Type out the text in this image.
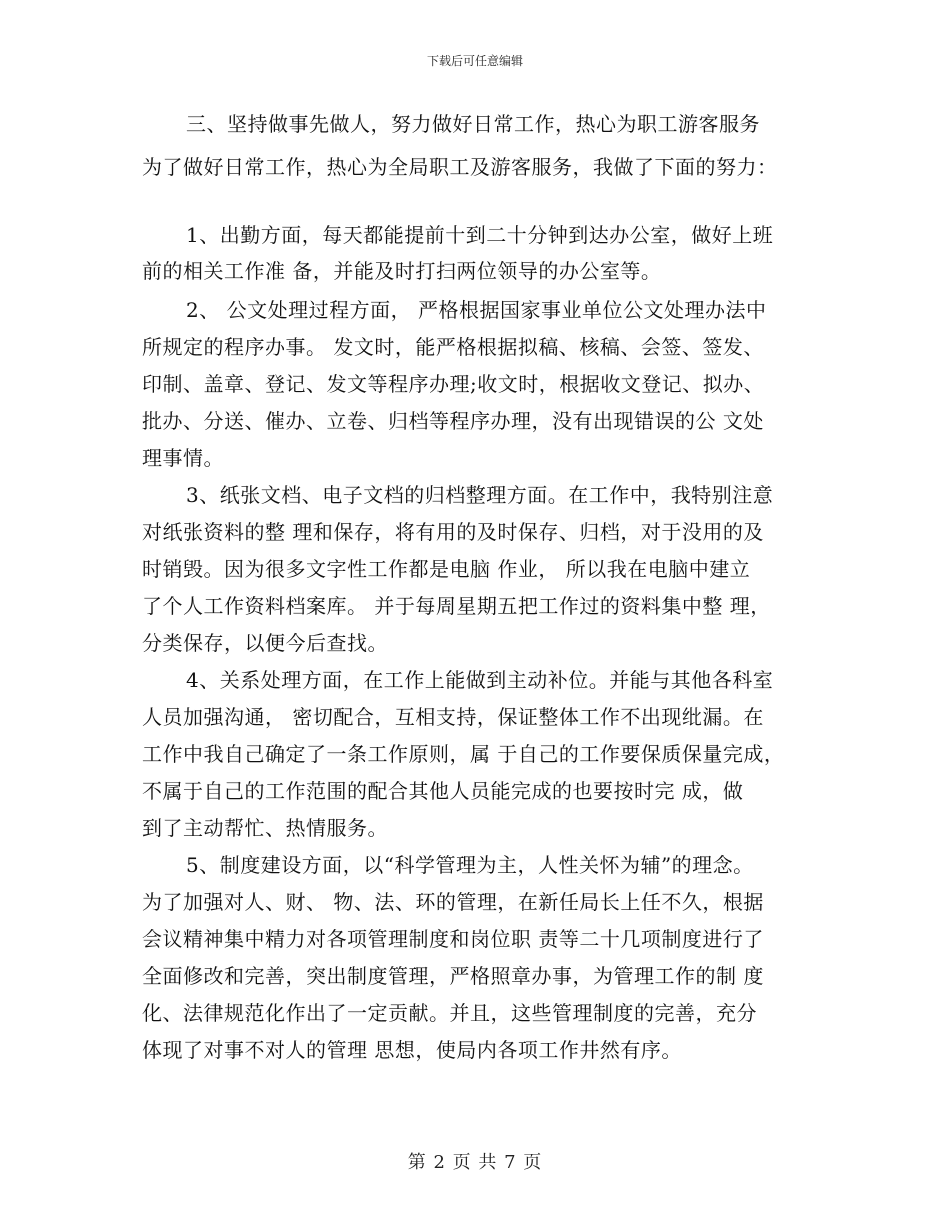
下载后可任意编辑
三、坚持做事先做人，努力做好日常工作，热心为职工游客服务
为了做好日常工作，热心为全局职工及游客服务，我做了下面的努力：
1、出勤方面，每天都能提前十到二十分钟到达办公室，做好上班
前的相关工作准 备，并能及时打扫两位领导的办公室等。
2、 公文处理过程方面， 严格根据国家事业单位公文处理办法中
所规定的程序办事。 发文时，能严格根据拟稿、核稿、会签、签发、
印制、盖章、登记、发文等程序办理;收文时，根据收文登记、拟办、
批办、分送、催办、立卷、归档等程序办理，没有出现错误的公 文处
理事情。
3、纸张文档、电子文档的归档整理方面。在工作中，我特别注意
对纸张资料的整 理和保存，将有用的及时保存、归档，对于没用的及
时销毁。因为很多文字性工作都是电脑 作业， 所以我在电脑中建立
了个人工作资料档案库。 并于每周星期五把工作过的资料集中整 理，
分类保存，以便今后查找。
4、关系处理方面，在工作上能做到主动补位。并能与其他各科室
人员加强沟通， 密切配合，互相支持，保证整体工作不出现纰漏。在
工作中我自己确定了一条工作原则，属 于自己的工作要保质保量完成，
不属于自己的工作范围的配合其他人员能完成的也要按时完 成，做
到了主动帮忙、热情服务。
5、制度建设方面，以“科学管理为主，人性关怀为辅”的理念。
为了加强对人、财、 物、法、环的管理，在新任局长上任不久，根据
会议精神集中精力对各项管理制度和岗位职 责等二十几项制度进行了
全面修改和完善，突出制度管理，严格照章办事，为管理工作的制 度
化、法律规范化作出了一定贡献。并且，这些管理制度的完善，充分
体现了对事不对人的管理 思想，使局内各项工作井然有序。
第 2 页 共 7 页
